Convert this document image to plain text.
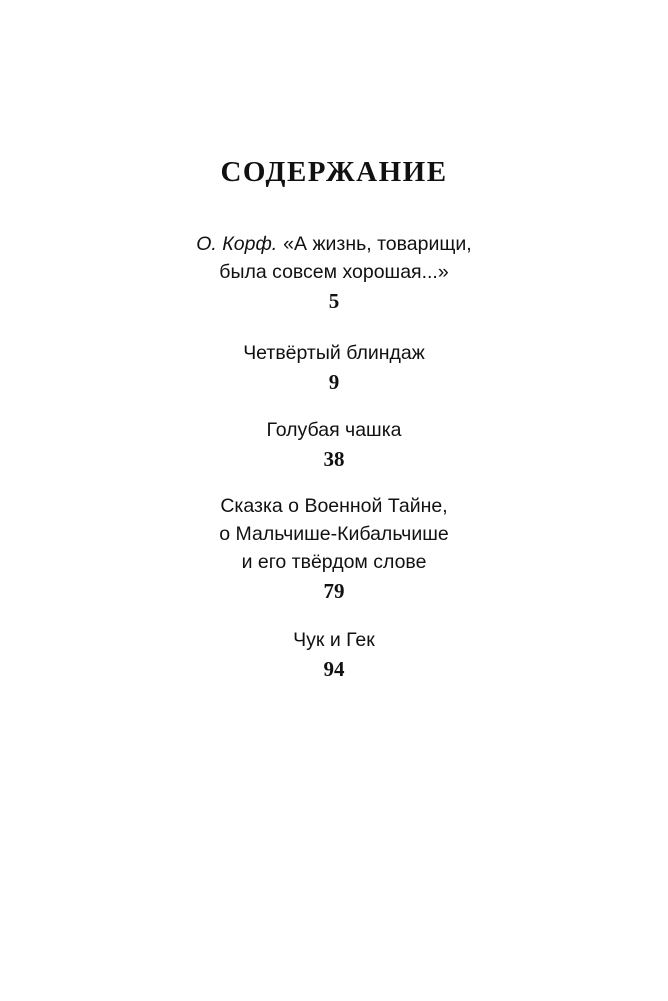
СОДЕРЖАНИЕ
О. Корф. «А жизнь, товарищи,
была совсем хорошая...»
5
Четвёртый блиндаж
9
Голубая чашка
38
Сказка о Военной Тайне,
о Мальчише-Кибальчише
и его твёрдом слове
79
Чук и Гек
94
